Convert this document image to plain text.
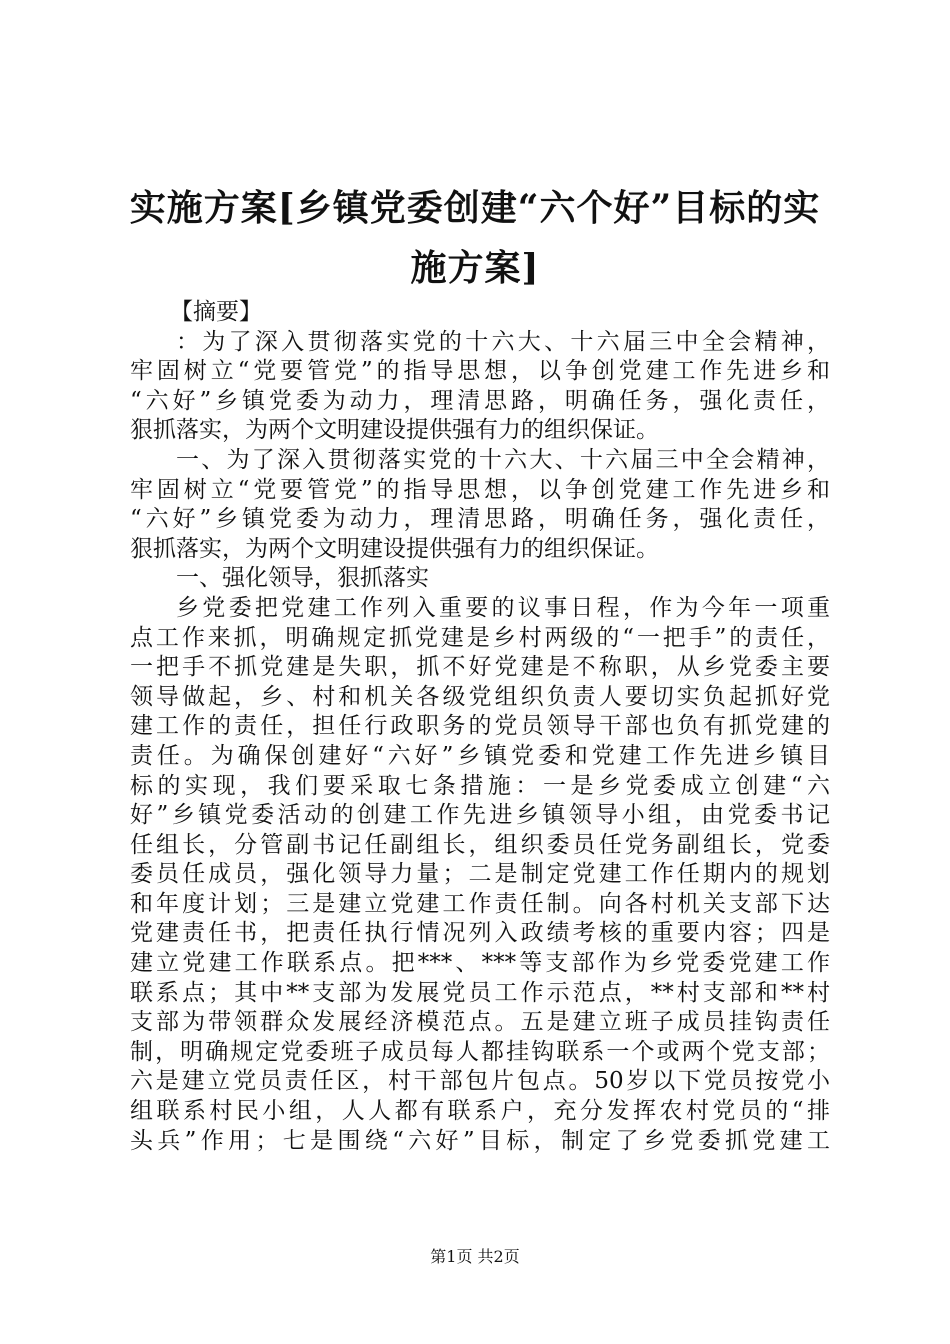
实施方案[乡镇党委创建“六个好”目标的实
施方案]
【摘要】
：为了深入贯彻落实党的十六大、十六届三中全会精神，
牢固树立“党要管党”的指导思想，以争创党建工作先进乡和
“六好”乡镇党委为动力，理清思路，明确任务，强化责任，
狠抓落实，为两个文明建设提供强有力的组织保证。
一、为了深入贯彻落实党的十六大、十六届三中全会精神，
牢固树立“党要管党”的指导思想，以争创党建工作先进乡和
“六好”乡镇党委为动力，理清思路，明确任务，强化责任，
狠抓落实，为两个文明建设提供强有力的组织保证。
一、强化领导，狠抓落实
乡党委把党建工作列入重要的议事日程，作为今年一项重
点工作来抓，明确规定抓党建是乡村两级的“一把手”的责任，
一把手不抓党建是失职，抓不好党建是不称职，从乡党委主要
领导做起，乡、村和机关各级党组织负责人要切实负起抓好党
建工作的责任，担任行政职务的党员领导干部也负有抓党建的
责任。为确保创建好“六好”乡镇党委和党建工作先进乡镇目
标的实现，我们要采取七条措施：一是乡党委成立创建“六
好”乡镇党委活动的创建工作先进乡镇领导小组，由党委书记
任组长，分管副书记任副组长，组织委员任党务副组长，党委
委员任成员，强化领导力量；二是制定党建工作任期内的规划
和年度计划；三是建立党建工作责任制。向各村机关支部下达
党建责任书，把责任执行情况列入政绩考核的重要内容；四是
建立党建工作联系点。把***、***等支部作为乡党委党建工作
联系点；其中**支部为发展党员工作示范点，**村支部和**村
支部为带领群众发展经济模范点。五是建立班子成员挂钩责任
制，明确规定党委班子成员每人都挂钩联系一个或两个党支部；
六是建立党员责任区，村干部包片包点。50岁以下党员按党小
组联系村民小组，人人都有联系户，充分发挥农村党员的“排
头兵”作用；七是围绕“六好”目标，制定了乡党委抓党建工
第1页 共2页
